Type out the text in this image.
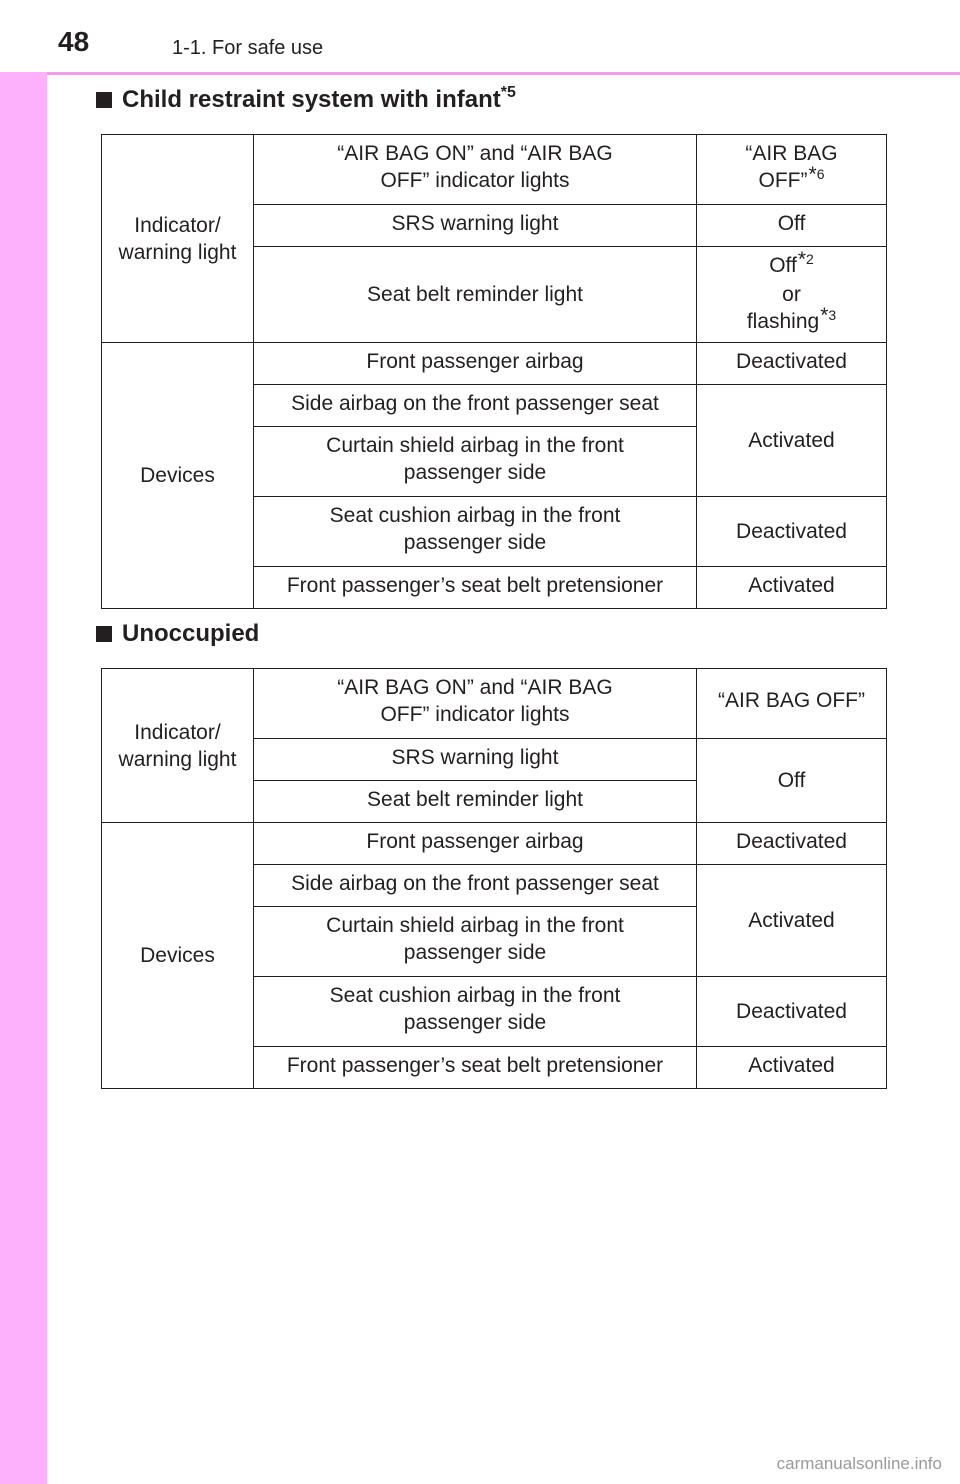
48	1-1. For safe use
Child restraint system with infant$^{*5}$
Indicator/ warning light	“AIR BAG ON” and “AIR BAG OFF” indicator lights	“AIR BAG OFF”*$^6$
	SRS warning light	Off
	Seat belt reminder light	Off*$^2$
or
flashing*$^3$

Devices	Front passenger airbag	Deactivated
	Side airbag on the front passenger seat	Activated
	Curtain shield airbag in the front passenger side	
	Seat cushion airbag in the front passenger side	Deactivated
	Front passenger’s seat belt pretensioner	Activated
Unoccupied
Indicator/ warning light	“AIR BAG ON” and “AIR BAG OFF” indicator lights	“AIR BAG OFF”
	SRS warning light	Off
	Seat belt reminder light	
Devices	Front passenger airbag	Deactivated
	Side airbag on the front passenger seat	Activated
	Curtain shield airbag in the front passenger side	
	Seat cushion airbag in the front passenger side	Deactivated
	Front passenger’s seat belt pretensioner	Activated
carmanualsonline.info
